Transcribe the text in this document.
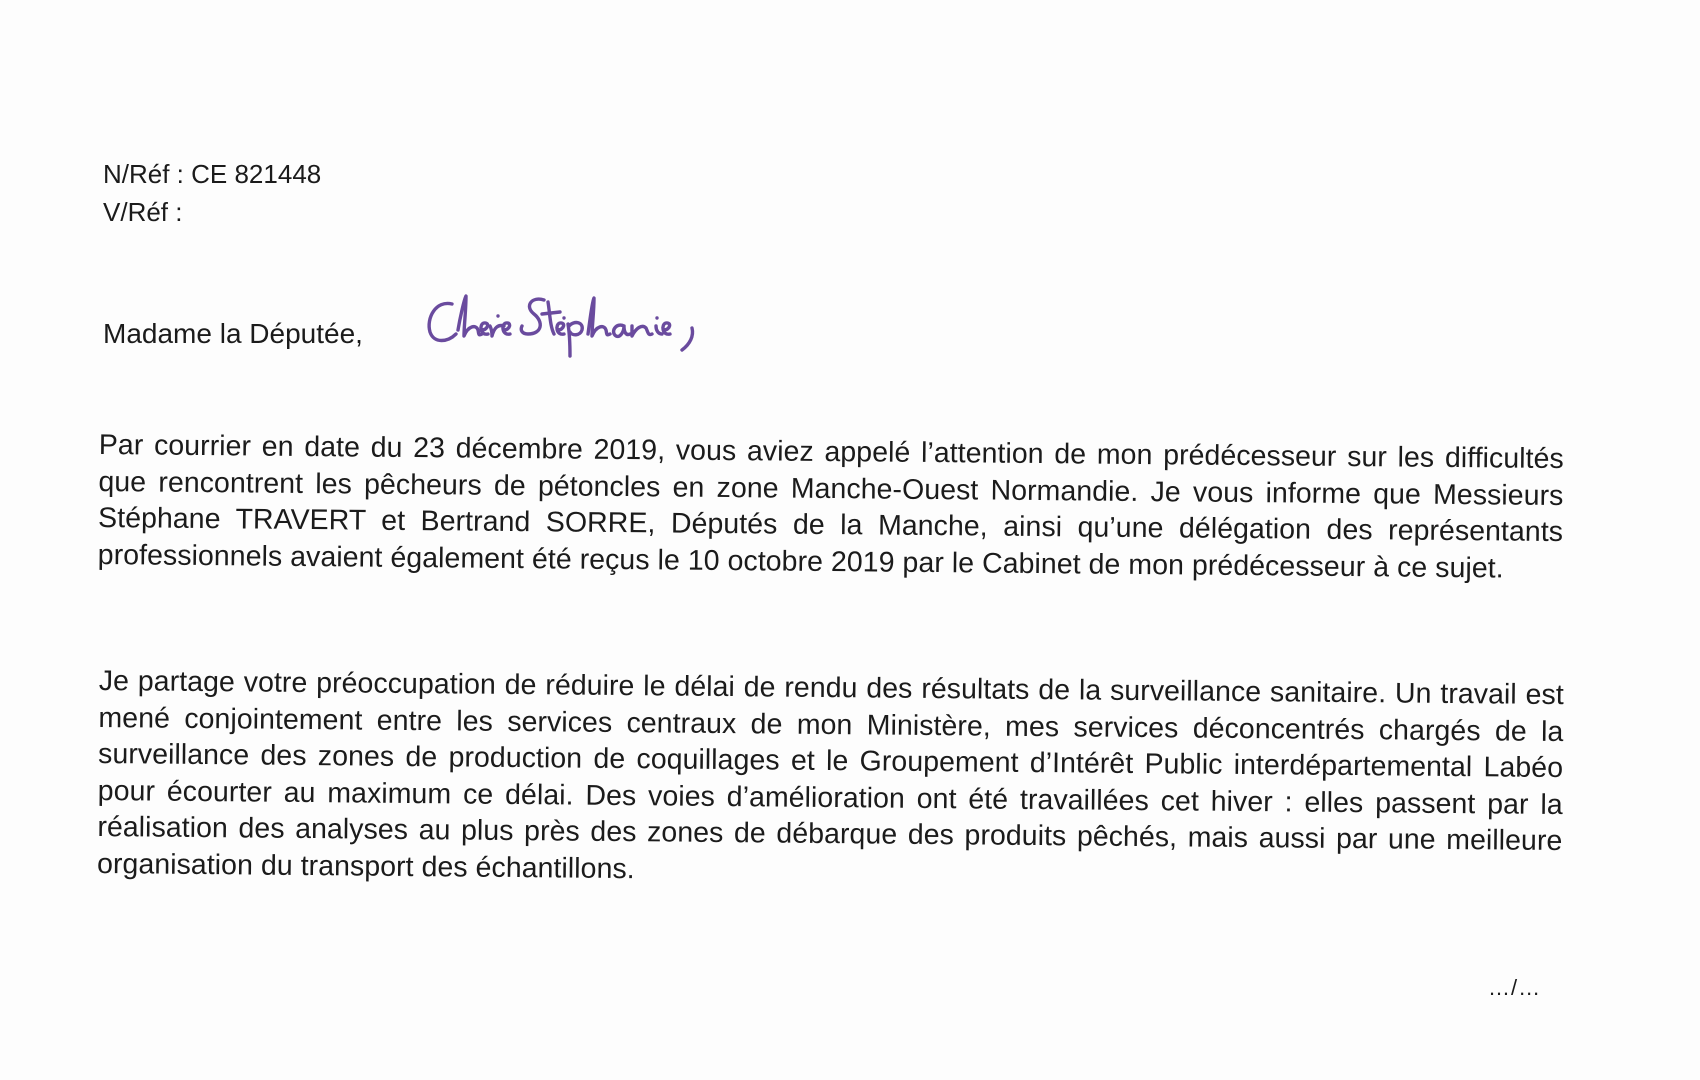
N/Réf : CE 821448
V/Réf :
Madame la Députée,

Par courrier en date du 23 décembre 2019, vous aviez appelé l’attention de mon prédécesseur sur les difficultés que rencontrent les pêcheurs de pétoncles en zone Manche-Ouest Normandie. Je vous informe que Messieurs Stéphane TRAVERT et Bertrand SORRE, Députés de la Manche, ainsi qu’une délégation des représentants professionnels avaient également été reçus le 10 octobre 2019 par le Cabinet de mon prédécesseur à ce sujet.

Je partage votre préoccupation de réduire le délai de rendu des résultats de la surveillance sanitaire. Un travail est mené conjointement entre les services centraux de mon Ministère, mes services déconcentrés chargés de la surveillance des zones de production de coquillages et le Groupement d’Intérêt Public interdépartemental Labéo pour écourter au maximum ce délai. Des voies d’amélioration ont été travaillées cet hiver : elles passent par la réalisation des analyses au plus près des zones de débarque des produits pêchés, mais aussi par une meilleure organisation du transport des échantillons.

…/…
